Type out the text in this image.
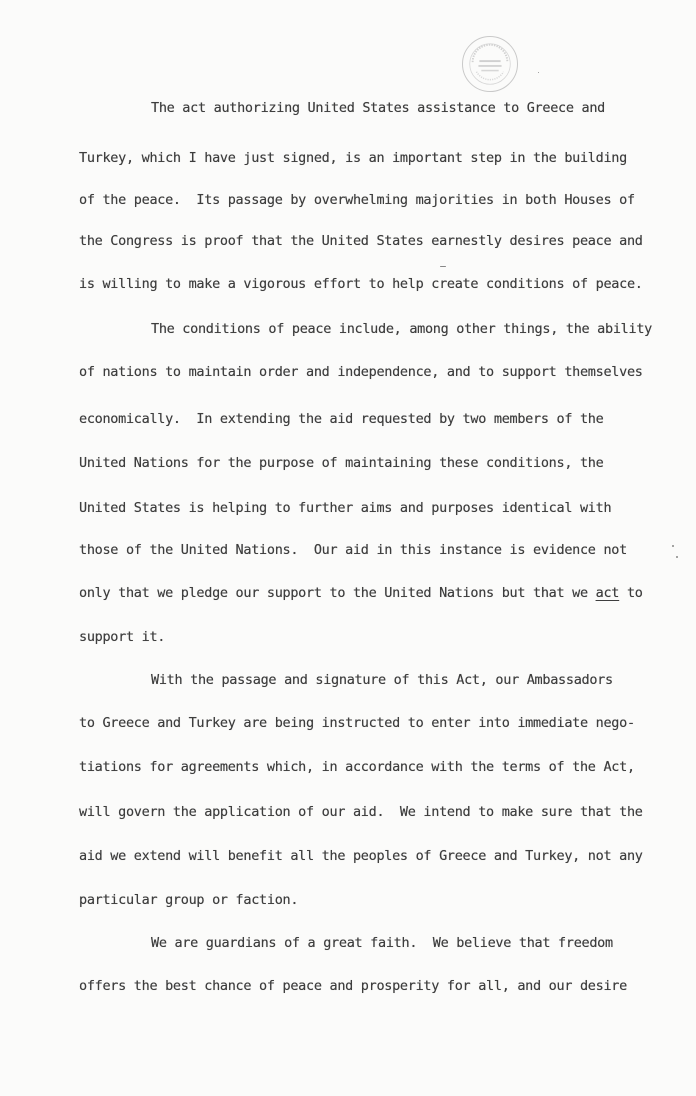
The act authorizing United States assistance to Greece and

Turkey, which I have just signed, is an important step in the building

of the peace.  Its passage by overwhelming majorities in both Houses of

the Congress is proof that the United States earnestly desires peace and

is willing to make a vigorous effort to help create conditions of peace.

The conditions of peace include, among other things, the ability

of nations to maintain order and independence, and to support themselves

economically.  In extending the aid requested by two members of the

United Nations for the purpose of maintaining these conditions, the

United States is helping to further aims and purposes identical with

those of the United Nations.  Our aid in this instance is evidence not

only that we pledge our support to the United Nations but that we act to

support it.

With the passage and signature of this Act, our Ambassadors

to Greece and Turkey are being instructed to enter into immediate nego-

tiations for agreements which, in accordance with the terms of the Act,

will govern the application of our aid.  We intend to make sure that the

aid we extend will benefit all the peoples of Greece and Turkey, not any

particular group or faction.

We are guardians of a great faith.  We believe that freedom

offers the best chance of peace and prosperity for all, and our desire
